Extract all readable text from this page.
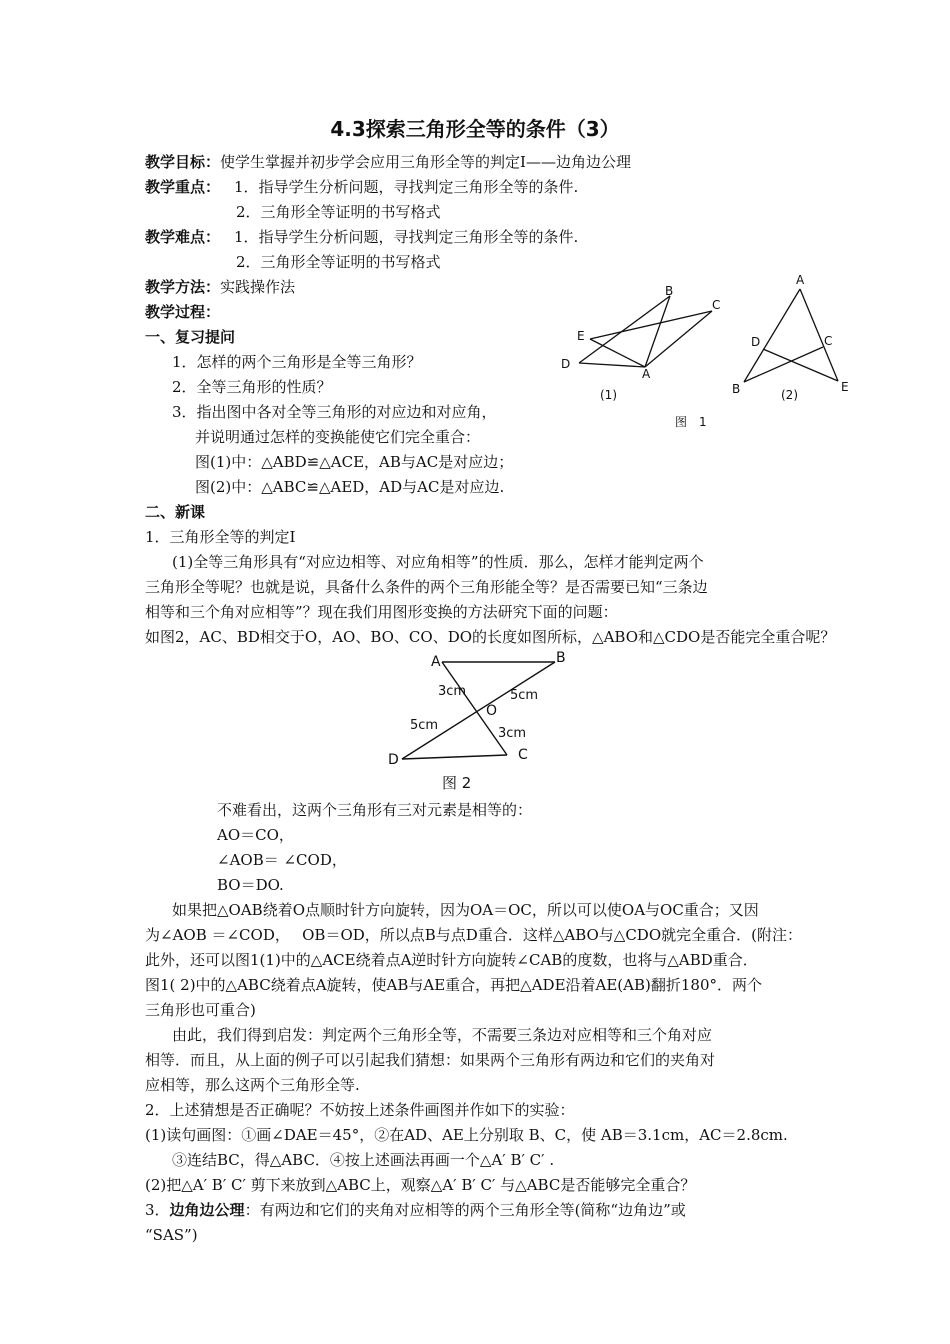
4.3探索三角形全等的条件（3）
教学目标：使学生掌握并初步学会应用三角形全等的判定Ⅰ——边角边公理
教学重点： 1．指导学生分析问题，寻找判定三角形全等的条件.
2．三角形全等证明的书写格式
教学难点： 1．指导学生分析问题，寻找判定三角形全等的条件.
2．三角形全等证明的书写格式
教学方法：实践操作法
教学过程：
一、复习提问
1．怎样的两个三角形是全等三角形？
2．全等三角形的性质？
3．指出图中各对全等三角形的对应边和对应角，
并说明通过怎样的变换能使它们完全重合：
图(1)中：△ABD≌△ACE，AB与AC是对应边；
图(2)中：△ABC≌△AED，AD与AC是对应边.
B
C
E
D
A
A
D	C
B	E
(1)	(2)
图　1
二、新课
1．三角形全等的判定Ⅰ
(1)全等三角形具有“对应边相等、对应角相等”的性质．那么，怎样才能判定两个
三角形全等呢？也就是说，具备什么条件的两个三角形能全等？是否需要已知“三条边
相等和三个角对应相等”？现在我们用图形变换的方法研究下面的问题：
如图2，AC、BD相交于O，AO、BO、CO、DO的长度如图所标，△ABO和△CDO是否能完全重合呢？
A	B
C
D
O
3cm	5cm
5cm
3cm
图 2
不难看出，这两个三角形有三对元素是相等的：
AO＝CO，
∠AOB＝ ∠COD，
BO＝DO.
如果把△OAB绕着O点顺时针方向旋转，因为OA＝OC，所以可以使OA与OC重合；又因
为∠AOB ＝∠COD，　 OB＝OD，所以点B与点D重合．这样△ABO与△CDO就完全重合．(附注：
此外，还可以图1(1)中的△ACE绕着点A逆时针方向旋转∠CAB的度数，也将与△ABD重合．
图1( 2)中的△ABC绕着点A旋转，使AB与AE重合，再把△ADE沿着AE(AB)翻折180°．两个
三角形也可重合)
由此，我们得到启发：判定两个三角形全等，不需要三条边对应相等和三个角对应
相等．而且，从上面的例子可以引起我们猜想：如果两个三角形有两边和它们的夹角对
应相等，那么这两个三角形全等.
2．上述猜想是否正确呢？不妨按上述条件画图并作如下的实验：
(1)读句画图：①画∠DAE＝45°，②在AD、AE上分别取 B、C，使 AB＝3.1cm，AC＝2.8cm.
③连结BC，得△ABC．④按上述画法再画一个△A′ B′ C′ .
(2)把△A′ B′ C′ 剪下来放到△ABC上，观察△A′ B′ C′ 与△ABC是否能够完全重合？
3．边角边公理：有两边和它们的夹角对应相等的两个三角形全等(简称“边角边”或
“SAS”)
